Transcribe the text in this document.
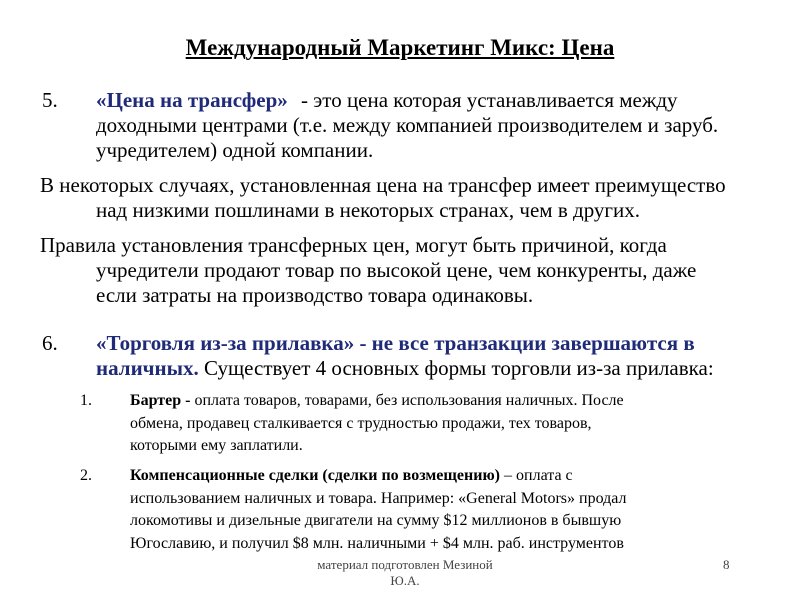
Международный Маркетинг Микс: Цена
5. «Цена на трансфер» - это цена которая устанавливается между
доходными центрами (т.е. между компанией производителем и заруб.
учредителем) одной компании.
В некоторых случаях, установленная цена на трансфер имеет преимущество
над низкими пошлинами в некоторых странах, чем в других.
Правила установления трансферных цен, могут быть причиной, когда
учредители продают товар по высокой цене, чем конкуренты, даже
если затраты на производство товара одинаковы.
6. «Торговля из-за прилавка» - не все транзакции завершаются в
наличных. Существует 4 основных формы торговли из-за прилавка:
1. Бартер - оплата товаров, товарами, без использования наличных. После
обмена, продавец сталкивается с трудностью продажи, тех товаров,
которыми ему заплатили.
2. Компенсационные сделки (сделки по возмещению) – оплата с
использованием наличных и товара. Например: «General Motors» продал
локомотивы и дизельные двигатели на сумму $12 миллионов в бывшую
Югославию, и получил $8 млн. наличными + $4 млн. раб. инструментов
материал подготовлен Мезиной
Ю.А.
8
